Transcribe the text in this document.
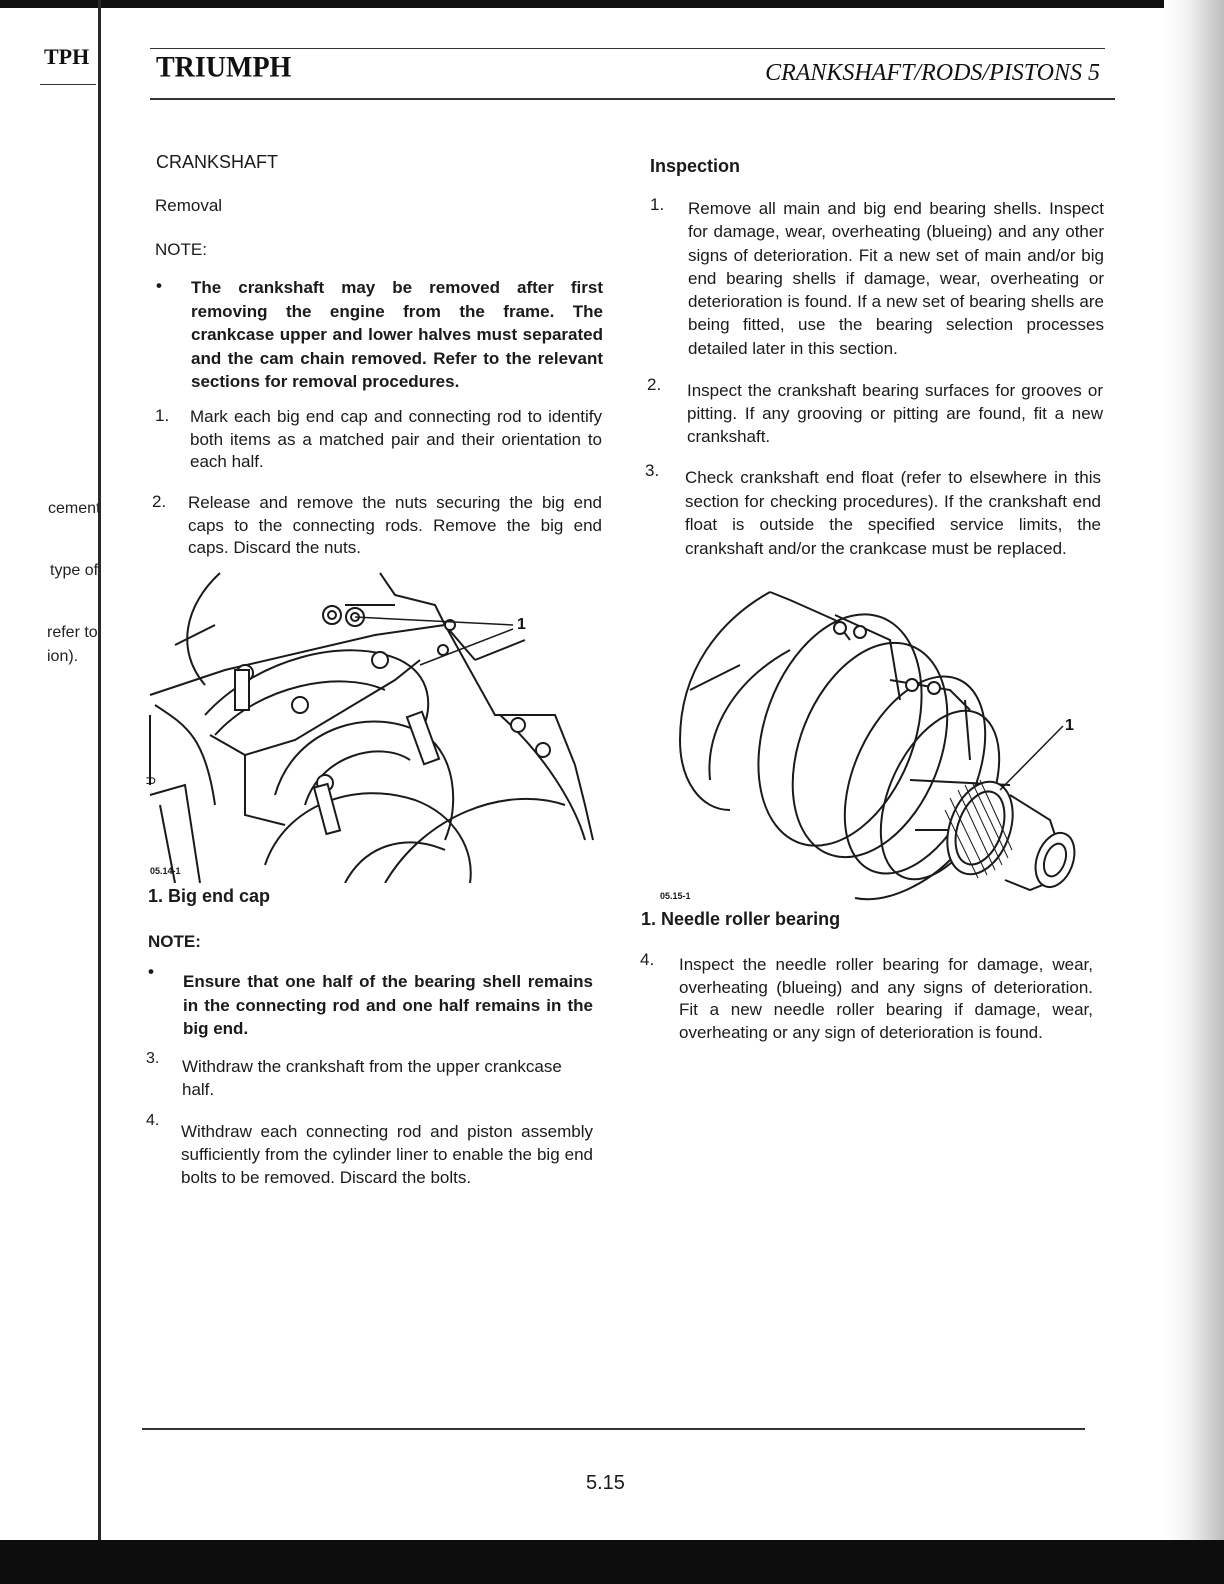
TPH
cement
type of
refer to
ion).
TRIUMPH	CRANKSHAFT/RODS/PISTONS 5
CRANKSHAFT
Removal
NOTE:
• The crankshaft may be removed after first removing the engine from the frame. The crankcase upper and lower halves must separated and the cam chain removed. Refer to the relevant sections for removal procedures.
1. Mark each big end cap and connecting rod to identify both items as a matched pair and their orientation to each half.
2. Release and remove the nuts securing the big end caps to the connecting rods. Remove the big end caps. Discard the nuts.
1
⊃
05.14-1
1. Big end cap
NOTE:
•
Ensure that one half of the bearing shell remains in the connecting rod and one half remains in the big end.
3. Withdraw the crankshaft from the upper crankcase half.
4.
Withdraw each connecting rod and piston assembly sufficiently from the cylinder liner to enable the big end bolts to be removed. Discard the bolts.
Inspection
1. Remove all main and big end bearing shells. Inspect for damage, wear, overheating (blueing) and any other signs of deterioration. Fit a new set of main and/or big end bearing shells if damage, wear, overheating or deterioration is found. If a new set of bearing shells are being fitted, use the bearing selection processes detailed later in this section.
2. Inspect the crankshaft bearing surfaces for grooves or pitting. If any grooving or pitting are found, fit a new crankshaft.
3. Check crankshaft end float (refer to elsewhere in this section for checking procedures). If the crankshaft end float is outside the specified service limits, the crankshaft and/or the crankcase must be replaced.
1
05.15-1
1. Needle roller bearing
4. Inspect the needle roller bearing for damage, wear, overheating (blueing) and any signs of deterioration. Fit a new needle roller bearing if damage, wear, overheating or any sign of deterioration is found.
5.15
